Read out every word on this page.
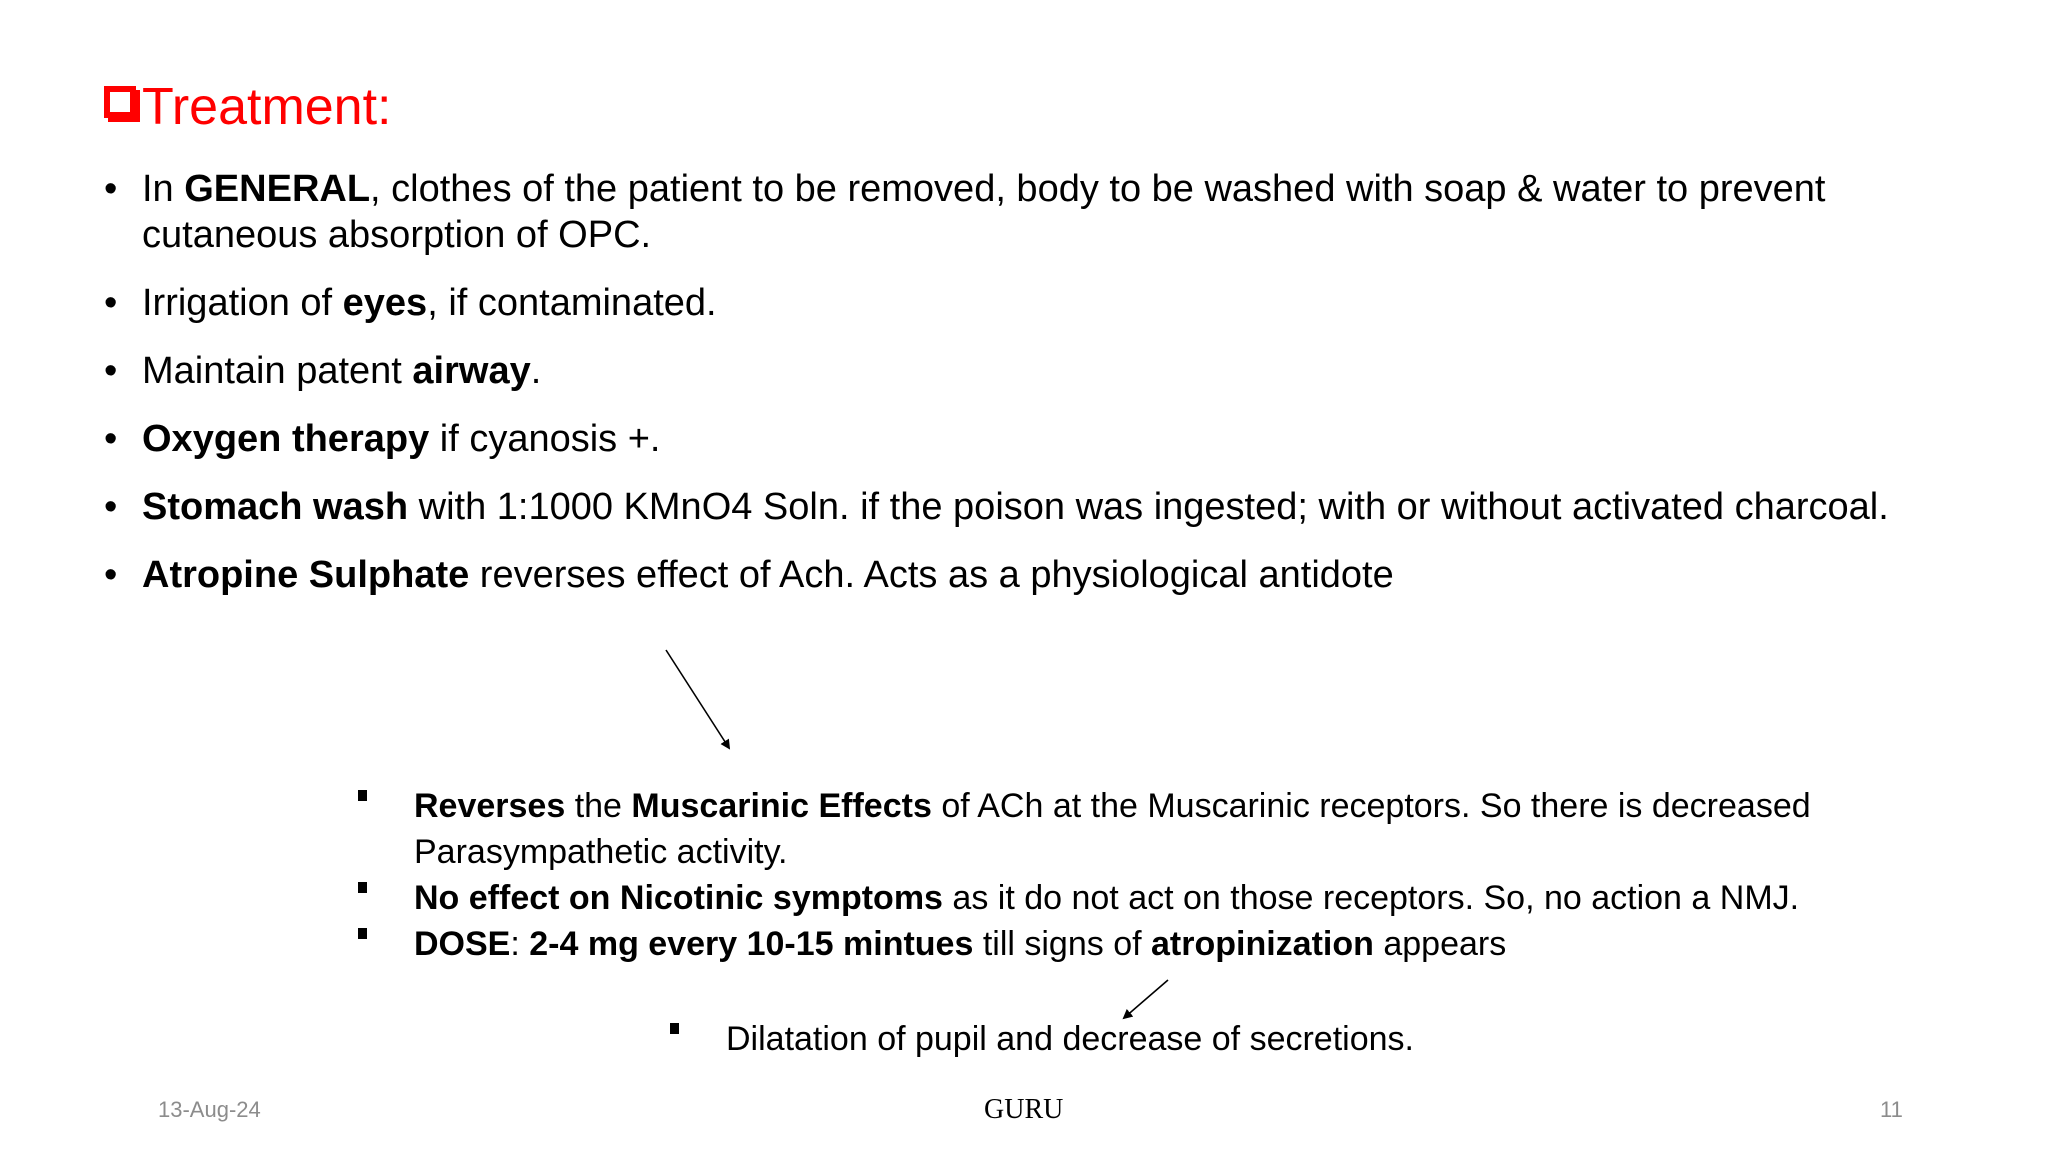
Treatment:
• In GENERAL, clothes of the patient to be removed, body to be washed with soap & water to prevent cutaneous absorption of OPC.
• Irrigation of eyes, if contaminated.
• Maintain patent airway.
• Oxygen therapy if cyanosis +.
• Stomach wash with 1:1000 KMnO4 Soln. if the poison was ingested; with or without activated charcoal.
• Atropine Sulphate reverses effect of Ach. Acts as a physiological antidote
Reverses the Muscarinic Effects of ACh at the Muscarinic receptors. So there is decreased Parasympathetic activity.
No effect on Nicotinic symptoms as it do not act on those receptors. So, no action a NMJ.
DOSE: 2-4 mg every 10-15 mintues till signs of atropinization appears
Dilatation of pupil and decrease of secretions.
13-Aug-24	GURU	11
